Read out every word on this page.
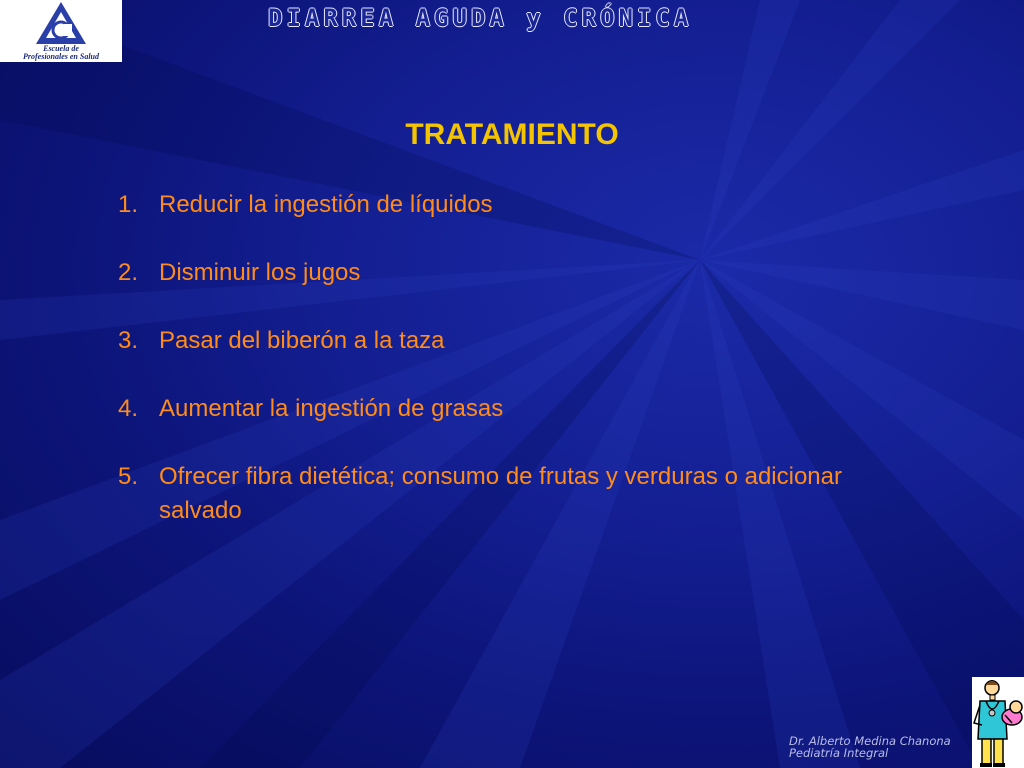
Escuela de
Profesionales en Salud
DIARREA AGUDA y CRÓNICA
TRATAMIENTO
1. Reducir la ingestión de líquidos
2. Disminuir los jugos
3. Pasar del biberón a la taza
4. Aumentar la ingestión de grasas
5. Ofrecer fibra dietética; consumo de frutas y verduras o adicionar salvado
Dr. Alberto Medina Chanona
Pediatría Integral
